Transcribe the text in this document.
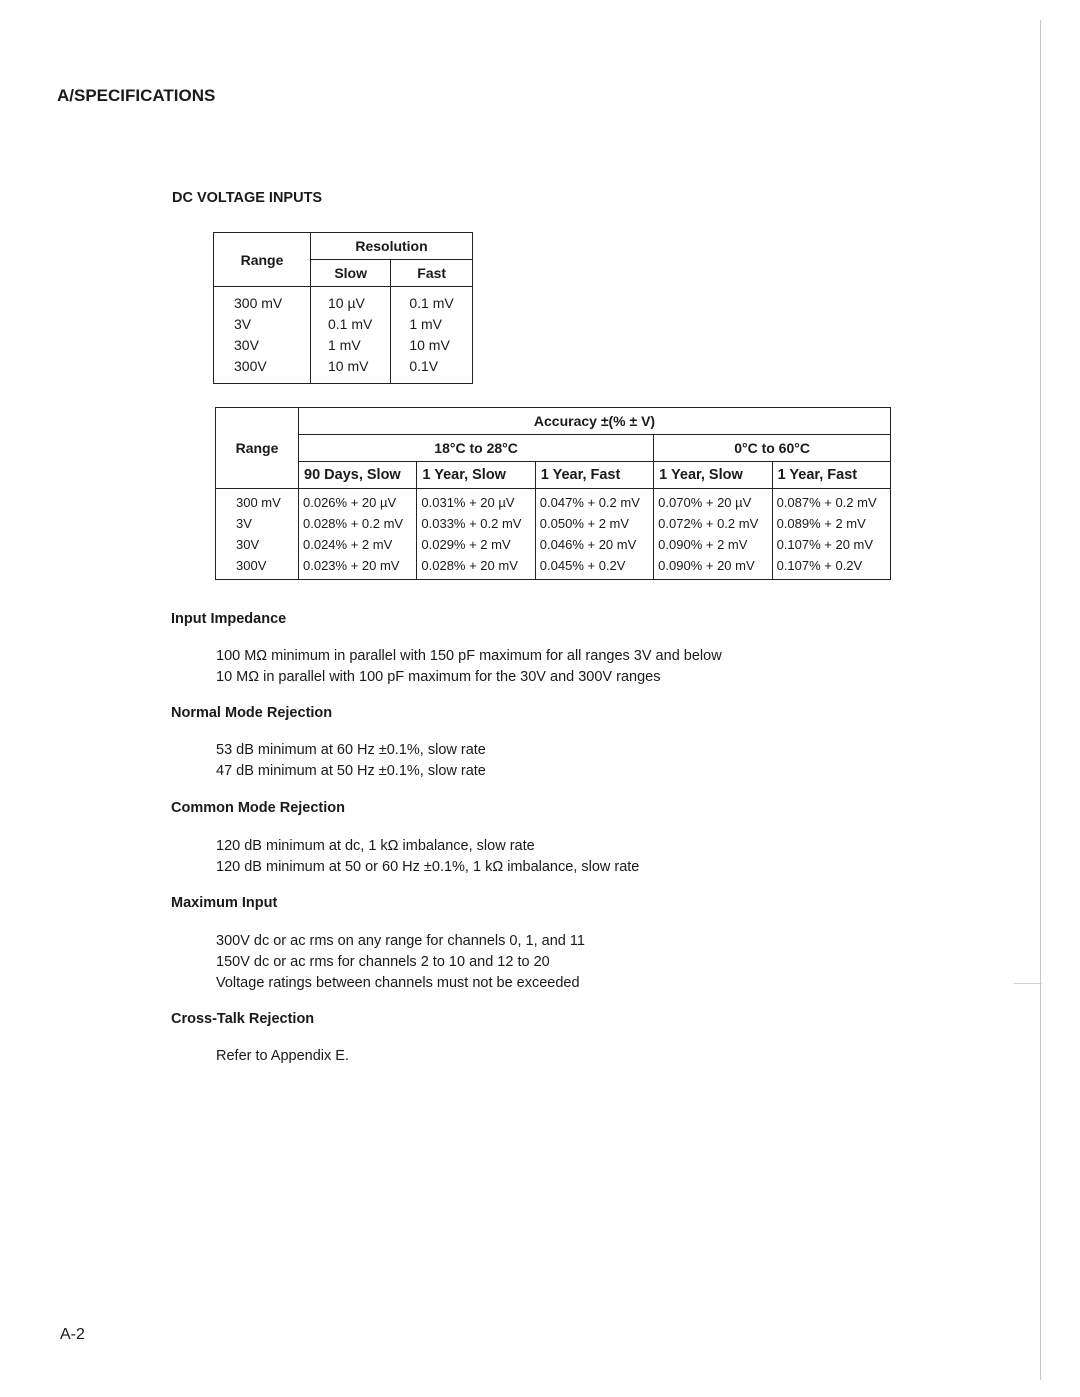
A/SPECIFICATIONS
DC VOLTAGE INPUTS
Range	Resolution	
	Slow	Fast
300 mV	10 µV	0.1 mV
3V	0.1 mV	1 mV
30V	1 mV	10 mV
300V	10 mV	0.1V
Range	Accuracy ±(% ± V)				
	18°C to 28°C			0°C to 60°C	
	90 Days, Slow	1 Year, Slow	1 Year, Fast	1 Year, Slow	1 Year, Fast
300 mV	0.026% + 20 µV	0.031% + 20 µV	0.047% + 0.2 mV	0.070% + 20 µV	0.087% + 0.2 mV
3V	0.028% + 0.2 mV	0.033% + 0.2 mV	0.050% + 2 mV	0.072% + 0.2 mV	0.089% + 2 mV
30V	0.024% + 2 mV	0.029% + 2 mV	0.046% + 20 mV	0.090% + 2 mV	0.107% + 20 mV
300V	0.023% + 20 mV	0.028% + 20 mV	0.045% + 0.2V	0.090% + 20 mV	0.107% + 0.2V
Input Impedance
100 MΩ minimum in parallel with 150 pF maximum for all ranges 3V and below
10 MΩ in parallel with 100 pF maximum for the 30V and 300V ranges
Normal Mode Rejection
53 dB minimum at 60 Hz ±0.1%, slow rate
47 dB minimum at 50 Hz ±0.1%, slow rate
Common Mode Rejection
120 dB minimum at dc, 1 kΩ imbalance, slow rate
120 dB minimum at 50 or 60 Hz ±0.1%, 1 kΩ imbalance, slow rate
Maximum Input
300V dc or ac rms on any range for channels 0, 1, and 11
150V dc or ac rms for channels 2 to 10 and 12 to 20
Voltage ratings between channels must not be exceeded
Cross-Talk Rejection
Refer to Appendix E.
A-2
